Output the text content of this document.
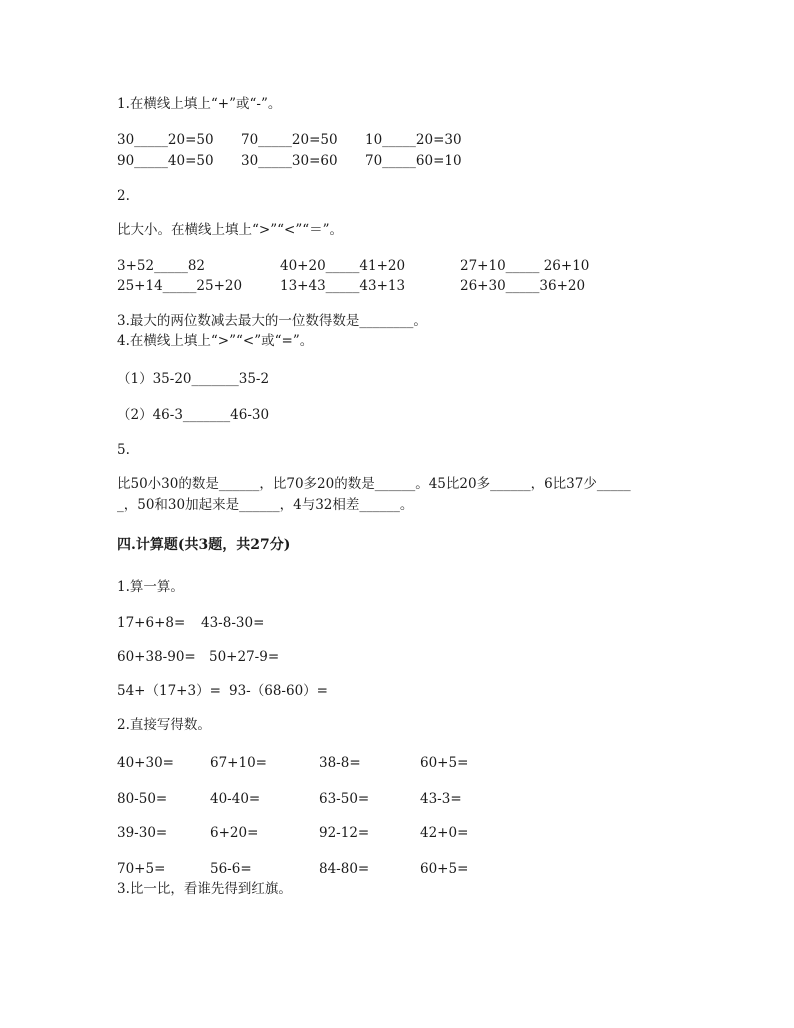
1.在横线上填上“+”或“-”。
30_____20=50 70_____20=50 10_____20=30
90_____40=50 30_____30=60 70_____60=10
2.
比大小。在横线上填上“>”“<”“＝”。
3+52_____82	40+20_____41+20	27+10_____ 26+10
25+14_____25+20	13+43_____43+13	26+30_____36+20
3.最大的两位数减去最大的一位数得数是________。
4.在横线上填上“>”“<”或“=”。
（1）35-20_______35-2
（2）46-3_______46-30
5.
比50小30的数是______，比70多20的数是______。45比20多______，6比37少_____
_，50和30加起来是______，4与32相差______。
四.计算题(共3题，共27分)
1.算一算。
17+6+8= 43-8-30=
60+38-90= 50+27-9=
54+（17+3）= 93-（68-60）=
2.直接写得数。
40+30=	67+10=	38-8=	60+5=
80-50=	40-40=	63-50=	43-3=
39-30=	6+20=	92-12=	42+0=
70+5=	56-6=	84-80=	60+5=
3.比一比，看谁先得到红旗。
